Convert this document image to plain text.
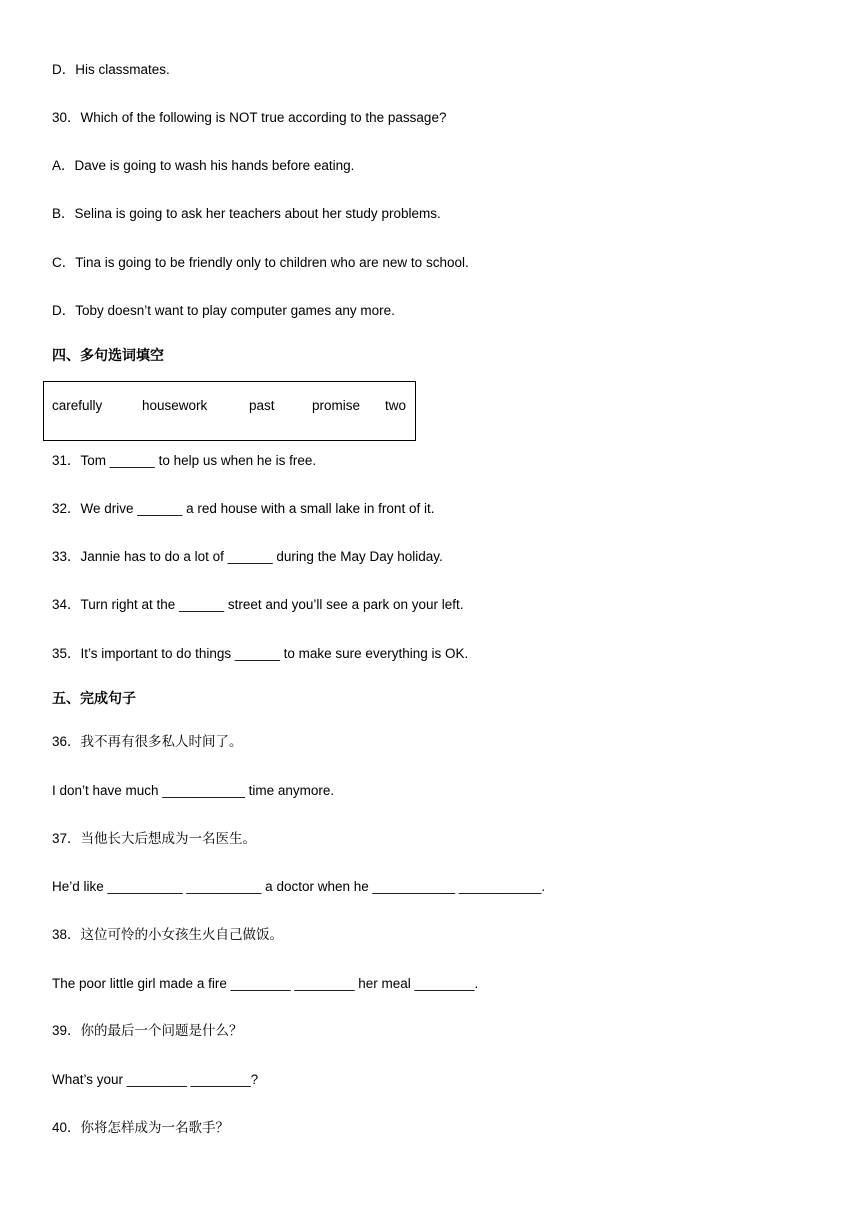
D．His classmates.
30．Which of the following is NOT true according to the passage?
A．Dave is going to wash his hands before eating.
B．Selina is going to ask her teachers about her study problems.
C．Tina is going to be friendly only to children who are new to school.
D．Toby doesn’t want to play computer games any more.
四、多句选词填空
carefully	housework	past	promise two
31．Tom ______ to help us when he is free.
32．We drive ______ a red house with a small lake in front of it.
33．Jannie has to do a lot of ______ during the May Day holiday.
34．Turn right at the ______ street and you’ll see a park on your left.
35．It’s important to do things ______ to make sure everything is OK.
五、完成句子
36．我不再有很多私人时间了。
I don’t have much ___________ time anymore.
37．当他长大后想成为一名医生。
He’d like __________ __________ a doctor when he ___________ ___________.
38．这位可怜的小女孩生火自己做饭。
The poor little girl made a fire ________ ________ her meal ________.
39．你的最后一个问题是什么？
What’s your ________ ________?
40．你将怎样成为一名歌手？
